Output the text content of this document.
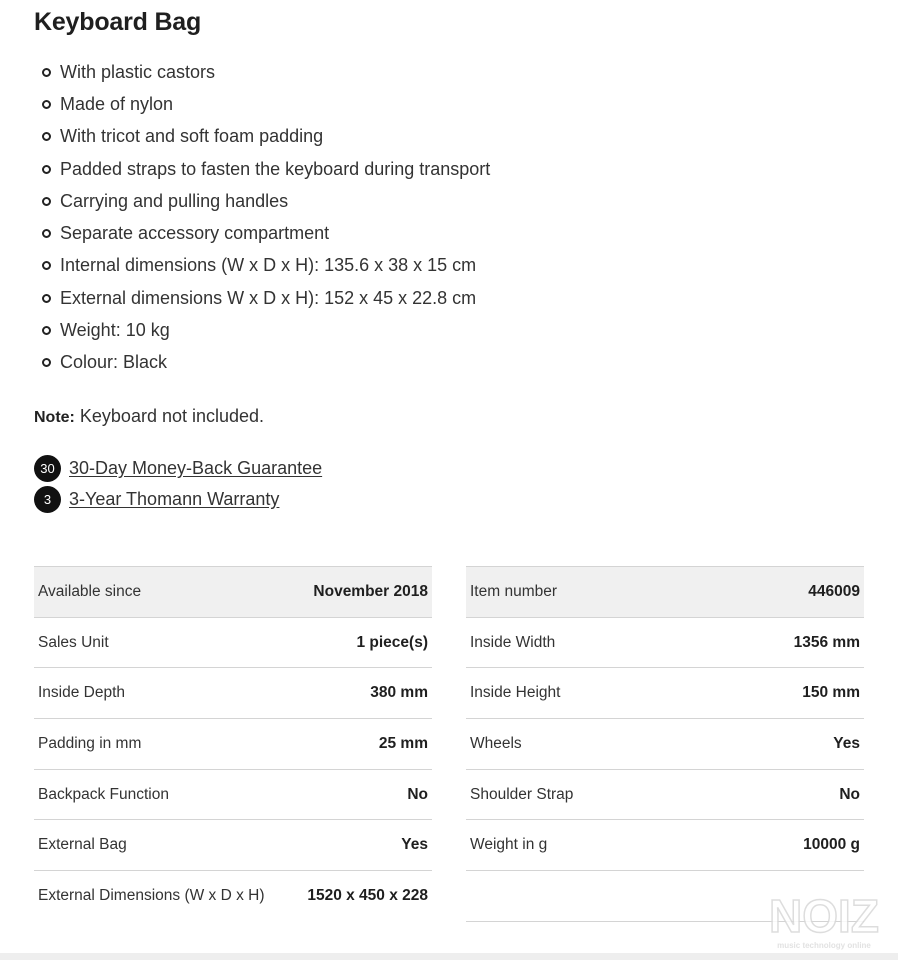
Keyboard Bag
With plastic castors
Made of nylon
With tricot and soft foam padding
Padded straps to fasten the keyboard during transport
Carrying and pulling handles
Separate accessory compartment
Internal dimensions (W x D x H): 135.6 x 38 x 15 cm
External dimensions W x D x H): 152 x 45 x 22.8 cm
Weight: 10 kg
Colour: Black

Note: Keyboard not included.

30 30-Day Money-Back Guarantee
3 3-Year Thomann Warranty
Available since	November 2018
Sales Unit	1 piece(s)
Inside Depth	380 mm
Padding in mm	25 mm
Backpack Function	No
External Bag	Yes
External Dimensions (W x D x H)	1520 x 450 x 228
Item number	446009
Inside Width	1356 mm
Inside Height	150 mm
Wheels	Yes
Shoulder Strap	No
Weight in g	10000 g

NOIZ
music technology online
